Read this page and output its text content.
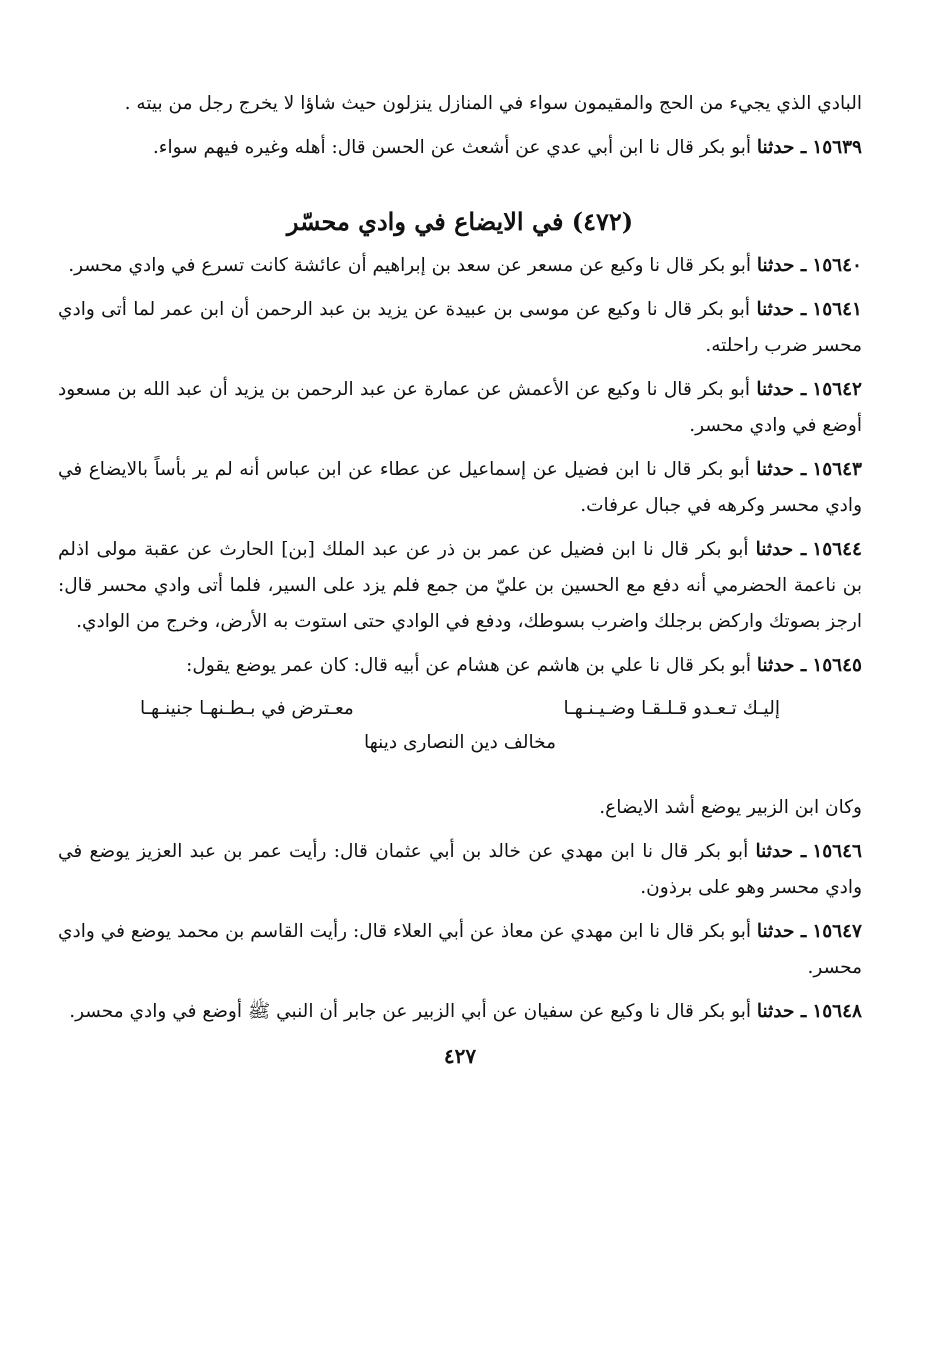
البادي الذي يجيء من الحج والمقيمون سواء في المنازل ينزلون حيث شاؤا لا يخرج رجل من بيته .

١٥٦٣٩ـ حدثنا أبو بكر قال نا ابن أبي عدي عن أشعث عن الحسن قال: أهله وغيره فيهم سواء.

(٤٧٢) في الايضاع في وادي محسّر

١٥٦٤٠ـ حدثنا أبو بكر قال نا وكيع عن مسعر عن سعد بن إبراهيم أن عائشة كانت تسرع في وادي محسر.

١٥٦٤١ـ حدثنا أبو بكر قال نا وكيع عن موسى بن عبيدة عن يزيد بن عبد الرحمن أن ابن عمر لما أتى وادي محسر ضرب راحلته.

١٥٦٤٢ـ حدثنا أبو بكر قال نا وكيع عن الأعمش عن عمارة عن عبد الرحمن بن يزيد أن عبد الله بن مسعود أوضع في وادي محسر.

١٥٦٤٣ـ حدثنا أبو بكر قال نا ابن فضيل عن إسماعيل عن عطاء عن ابن عباس أنه لم ير بأساً بالايضاع في وادي محسر وكرهه في جبال عرفات.

١٥٦٤٤ـ حدثنا أبو بكر قال نا ابن فضيل عن عمر بن ذر عن عبد الملك [بن] الحارث عن عقبة مولى اذلم بن ناعمة الحضرمي أنه دفع مع الحسين بن عليّ من جمع فلم يزد على السير، فلما أتى وادي محسر قال: ارجز بصوتك واركض برجلك واضرب بسوطك، ودفع في الوادي حتى استوت به الأرض، وخرج من الوادي.

١٥٦٤٥ـ حدثنا أبو بكر قال نا علي بن هاشم عن هشام عن أبيه قال: كان عمر يوضع يقول:

إليـك تـعـدو قـلـقـا وضـيـنـهـا
معـترض في بـطـنهـا جنينـهـا
مخالف دين النصارى دينها

وكان ابن الزبير يوضع أشد الايضاع.

١٥٦٤٦ـ حدثنا أبو بكر قال نا ابن مهدي عن خالد بن أبي عثمان قال: رأيت عمر بن عبد العزيز يوضع في وادي محسر وهو على برذون.

١٥٦٤٧ـ حدثنا أبو بكر قال نا ابن مهدي عن معاذ عن أبي العلاء قال: رأيت القاسم بن محمد يوضع في وادي محسر.

١٥٦٤٨ـ حدثنا أبو بكر قال نا وكيع عن سفيان عن أبي الزبير عن جابر أن النبي ﷺ أوضع في وادي محسر.

٤٢٧
